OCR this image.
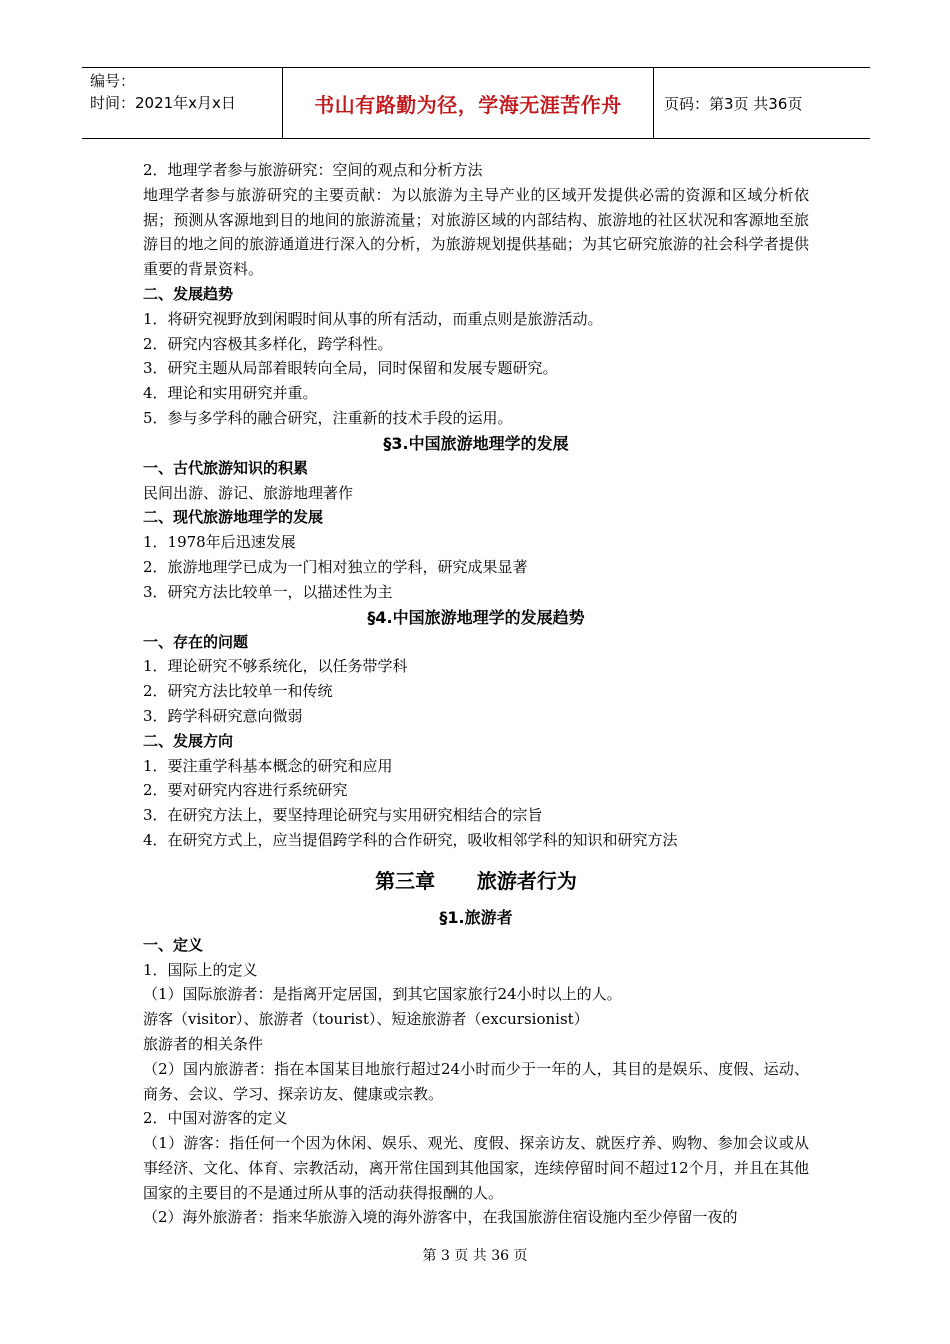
编号：
时间：2021年x月x日	书山有路勤为径，学海无涯苦作舟	页码：第3页 共36页
2．地理学者参与旅游研究：空间的观点和分析方法
地理学者参与旅游研究的主要贡献：为以旅游为主导产业的区域开发提供必需的资源和区域分析依据；预测从客源地到目的地间的旅游流量；对旅游区域的内部结构、旅游地的社区状况和客源地至旅游目的地之间的旅游通道进行深入的分析，为旅游规划提供基础；为其它研究旅游的社会科学者提供重要的背景资料。
二、发展趋势
1．将研究视野放到闲暇时间从事的所有活动，而重点则是旅游活动。
2．研究内容极其多样化，跨学科性。
3．研究主题从局部着眼转向全局，同时保留和发展专题研究。
4．理论和实用研究并重。
5．参与多学科的融合研究，注重新的技术手段的运用。
§3.中国旅游地理学的发展
一、古代旅游知识的积累
民间出游、游记、旅游地理著作
二、现代旅游地理学的发展
1．1978年后迅速发展
2．旅游地理学已成为一门相对独立的学科，研究成果显著
3．研究方法比较单一，以描述性为主
§4.中国旅游地理学的发展趋势
一、存在的问题
1．理论研究不够系统化，以任务带学科
2．研究方法比较单一和传统
3．跨学科研究意向微弱
二、发展方向
1．要注重学科基本概念的研究和应用
2．要对研究内容进行系统研究
3．在研究方法上，要坚持理论研究与实用研究相结合的宗旨
4．在研究方式上，应当提倡跨学科的合作研究，吸收相邻学科的知识和研究方法
第三章      旅游者行为
§1.旅游者
一、定义
1．国际上的定义
（1）国际旅游者：是指离开定居国，到其它国家旅行24小时以上的人。
游客（visitor）、旅游者（tourist）、短途旅游者（excursionist）
旅游者的相关条件
（2）国内旅游者：指在本国某目地旅行超过24小时而少于一年的人，其目的是娱乐、度假、运动、商务、会议、学习、探亲访友、健康或宗教。
2．中国对游客的定义
（1）游客：指任何一个因为休闲、娱乐、观光、度假、探亲访友、就医疗养、购物、参加会议或从事经济、文化、体育、宗教活动，离开常住国到其他国家，连续停留时间不超过12个月，并且在其他国家的主要目的不是通过所从事的活动获得报酬的人。
（2）海外旅游者：指来华旅游入境的海外游客中，在我国旅游住宿设施内至少停留一夜的
第 3 页 共 36 页
